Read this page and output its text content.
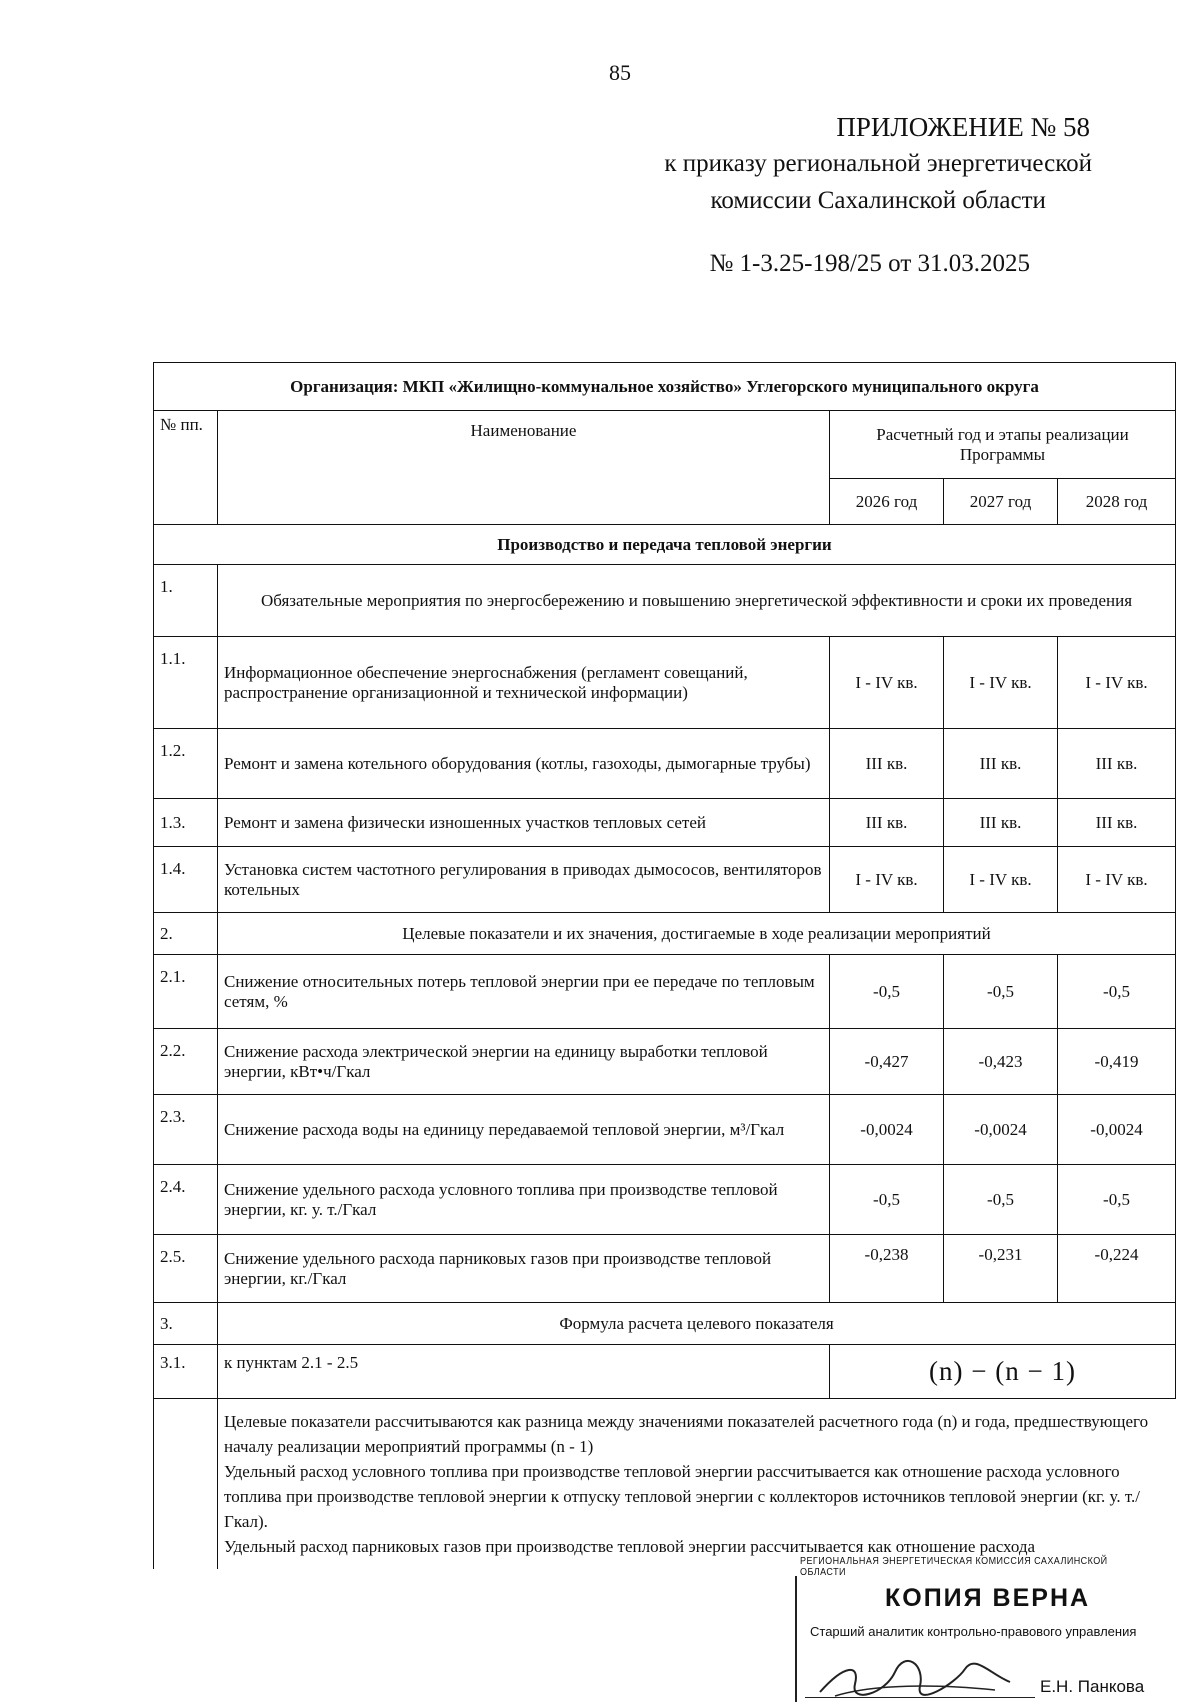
85
ПРИЛОЖЕНИЕ № 58
к приказу региональной энергетической
комиссии Сахалинской области
№ 1-3.25-198/25 от 31.03.2025
Организация: МКП «Жилищно-коммунальное хозяйство» Углегорского муниципального округа				
№ пп.	Наименование	Расчетный год и этапы реализации Программы		
		2026 год	2027 год	2028 год
Производство и передача тепловой энергии				
1.	Обязательные мероприятия по энергосбережению и повышению энергетической эффективности и сроки их проведения			
1.1.	Информационное обеспечение энергоснабжения (регламент совещаний, распространение организационной и технической информации)	I - IV кв.	I - IV кв.	I - IV кв.
1.2.	Ремонт и замена котельного оборудования (котлы, газоходы, дымогарные трубы)	III кв.	III кв.	III кв.
1.3.	Ремонт и замена физически изношенных участков тепловых сетей	III кв.	III кв.	III кв.
1.4.	Установка систем частотного регулирования в приводах дымососов, вентиляторов котельных	I - IV кв.	I - IV кв.	I - IV кв.
2.	Целевые показатели и их значения, достигаемые в ходе реализации мероприятий			
2.1.	Снижение относительных потерь тепловой энергии при ее передаче по тепловым сетям, %	-0,5	-0,5	-0,5
2.2.	Снижение расхода электрической энергии на единицу выработки тепловой энергии, кВт•ч/Гкал	-0,427	-0,423	-0,419
2.3.	Снижение расхода воды на единицу передаваемой тепловой энергии, м³/Гкал	-0,0024	-0,0024	-0,0024
2.4.	Снижение удельного расхода условного топлива при производстве тепловой энергии, кг. у. т./Гкал	-0,5	-0,5	-0,5
2.5.	Снижение удельного расхода парниковых газов при производстве тепловой энергии, кг./Гкал	-0,238	-0,231	-0,224
3.	Формула расчета целевого показателя			
3.1.	к пунктам 2.1 - 2.5	(n) − (n − 1)		

	Целевые показатели рассчитываются как разница между значениями показателей расчетного года (n) и года, предшествующего началу реализации мероприятий программы (n - 1)
Удельный расход условного топлива при производстве тепловой энергии рассчитывается как отношение расхода условного топлива при производстве тепловой энергии к отпуску тепловой энергии с коллекторов источников тепловой энергии (кг. у. т./Гкал).
Удельный расход парниковых газов при производстве тепловой энергии рассчитывается как отношение расхода			
РЕГИОНАЛЬНАЯ ЭНЕРГЕТИЧЕСКАЯ КОМИССИЯ САХАЛИНСКОЙ ОБЛАСТИ
КОПИЯ ВЕРНА
Старший аналитик контрольно-правового управления
Е.Н. Панкова
